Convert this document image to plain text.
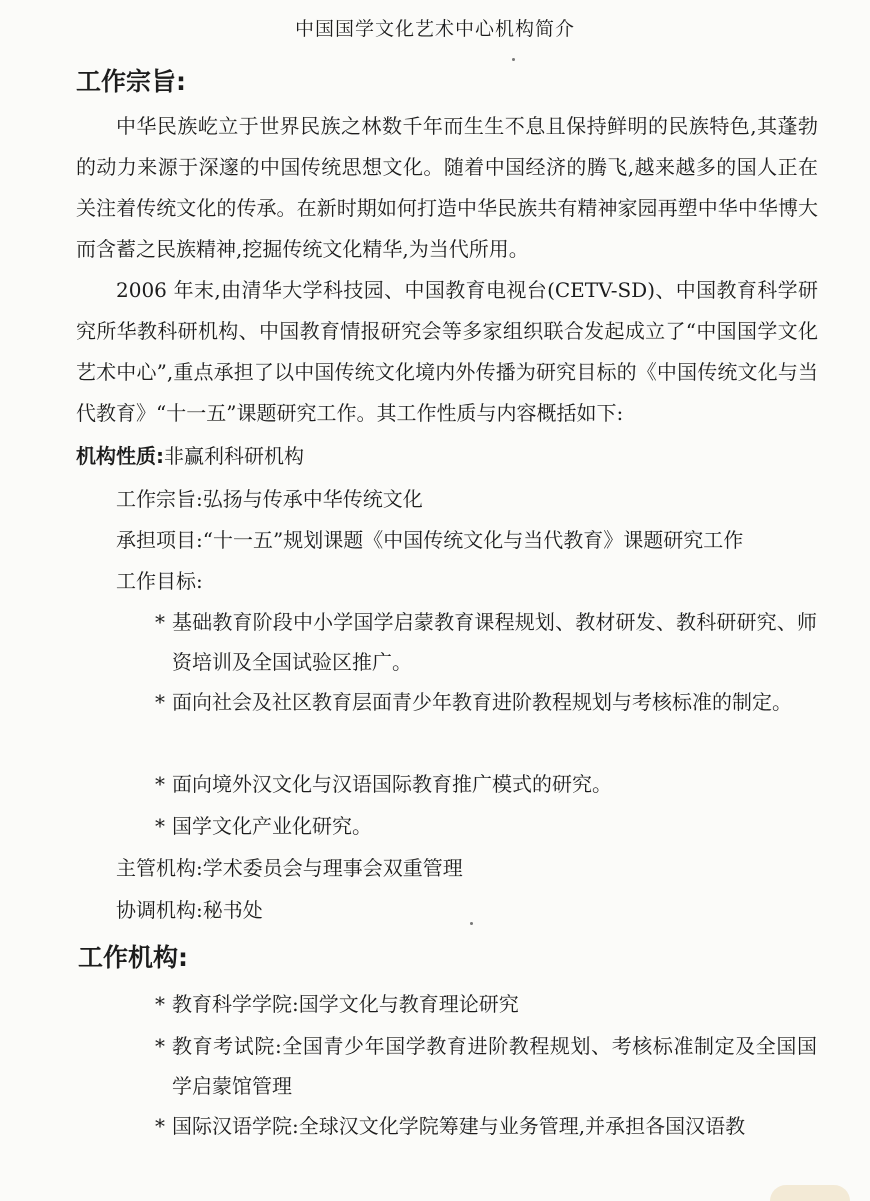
中国国学文化艺术中心机构简介
工作宗旨:

中华民族屹立于世界民族之林数千年而生生不息且保持鲜明的民族特色,其蓬勃的动力来源于深邃的中国传统思想文化。随着中国经济的腾飞,越来越多的国人正在关注着传统文化的传承。在新时期如何打造中华民族共有精神家园再塑中华中华博大而含蓄之民族精神,挖掘传统文化精华,为当代所用。

2006 年末,由清华大学科技园、中国教育电视台(CETV-SD)、中国教育科学研究所华教科研机构、中国教育情报研究会等多家组织联合发起成立了“中国国学文化艺术中心”,重点承担了以中国传统文化境内外传播为研究目标的《中国传统文化与当代教育》“十一五”课题研究工作。其工作性质与内容概括如下:

机构性质:非赢利科研机构
工作宗旨:弘扬与传承中华传统文化
承担项目:“十一五”规划课题《中国传统文化与当代教育》课题研究工作
工作目标:
* 基础教育阶段中小学国学启蒙教育课程规划、教材研发、教科研研究、师资培训及全国试验区推广。
* 面向社会及社区教育层面青少年教育进阶教程规划与考核标准的制定。
* 面向境外汉文化与汉语国际教育推广模式的研究。
* 国学文化产业化研究。
主管机构:学术委员会与理事会双重管理
协调机构:秘书处
工作机构:
* 教育科学学院:国学文化与教育理论研究
* 教育考试院:全国青少年国学教育进阶教程规划、考核标准制定及全国国学启蒙馆管理
* 国际汉语学院:全球汉文化学院筹建与业务管理,并承担各国汉语教
